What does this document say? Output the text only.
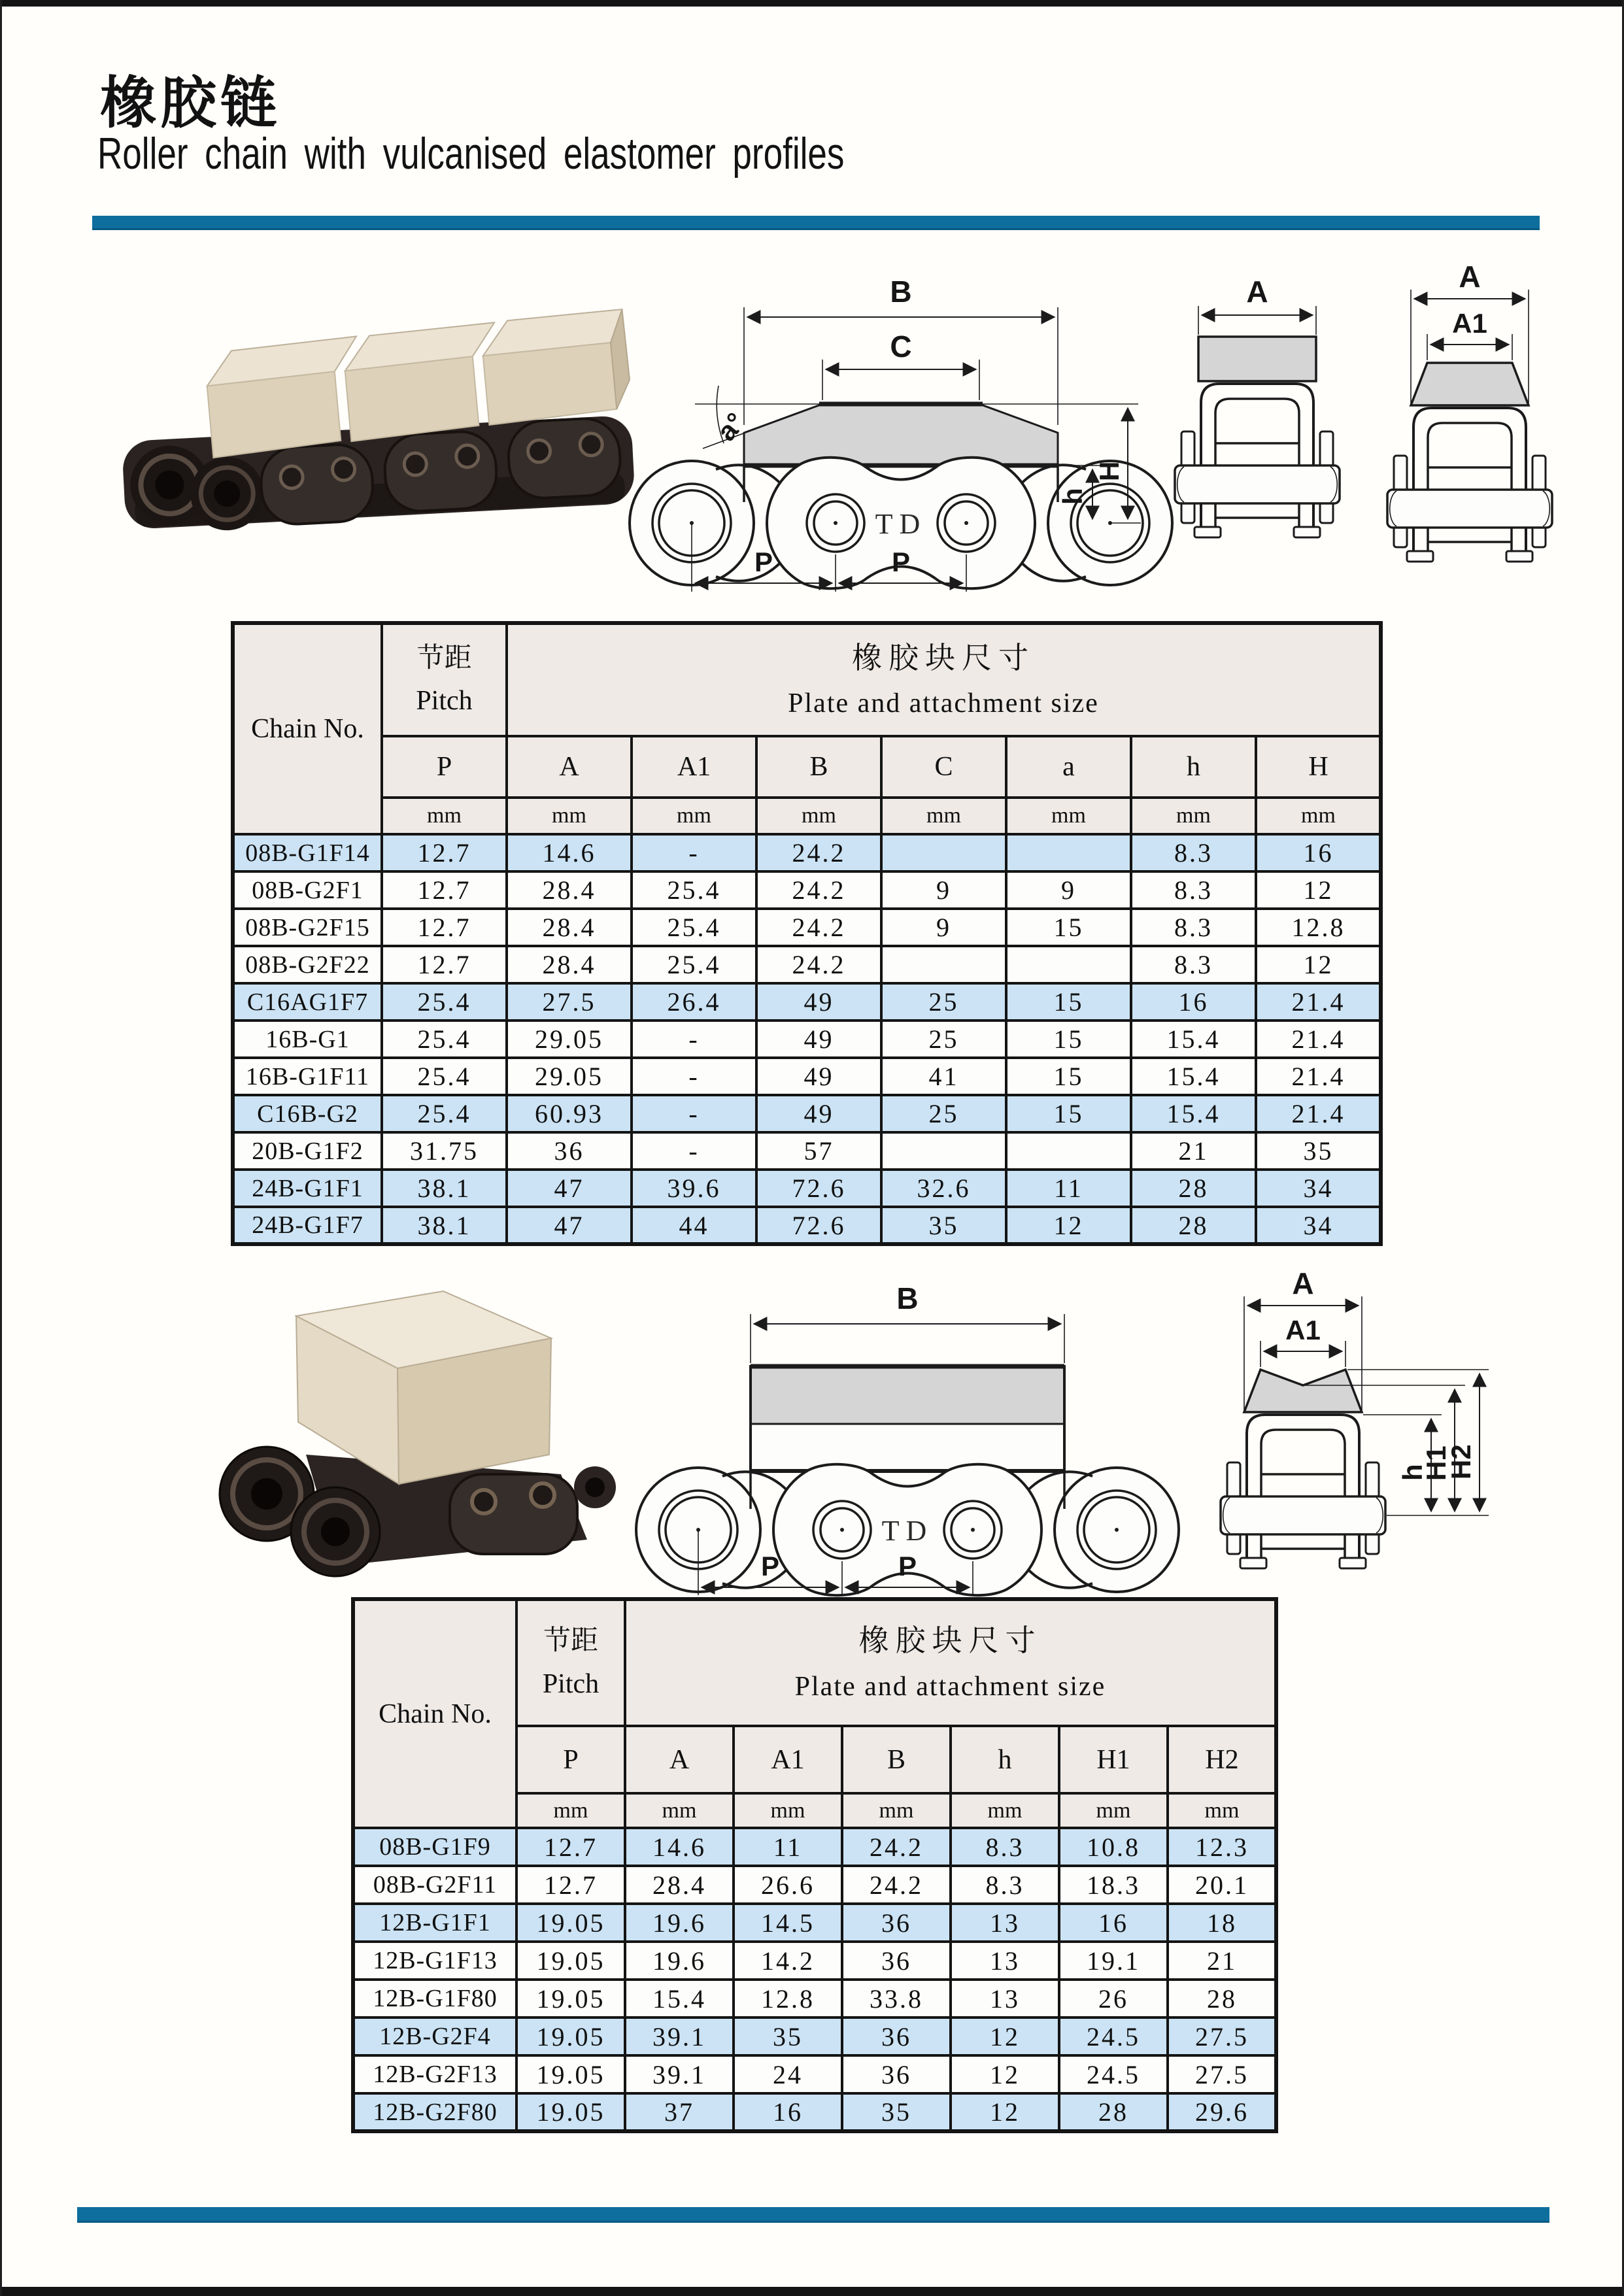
橡胶链
Roller chain with vulcanised elastomer profiles
B
C
a°
TD
P	P
h
H
A	A
A1
Chain No.	节距
Pitch	橡胶块尺寸
Plate and attachment size						
	P	A	A1	B	C	a	h	H
	mm	mm	mm	mm	mm	mm	mm	mm
08B-G1F14	12.7	14.6	-	24.2			8.3	16
08B-G2F1	12.7	28.4	25.4	24.2	9	9	8.3	12
08B-G2F15	12.7	28.4	25.4	24.2	9	15	8.3	12.8
08B-G2F22	12.7	28.4	25.4	24.2			8.3	12
C16AG1F7	25.4	27.5	26.4	49	25	15	16	21.4
16B-G1	25.4	29.05	-	49	25	15	15.4	21.4
16B-G1F11	25.4	29.05	-	49	41	15	15.4	21.4
C16B-G2	25.4	60.93	-	49	25	15	15.4	21.4
20B-G1F2	31.75	36	-	57			21	35
24B-G1F1	38.1	47	39.6	72.6	32.6	11	28	34
24B-G1F7	38.1	47	44	72.6	35	12	28	34
B
TD
P	P
A
A1
h
H1
H2
Chain No.	节距
Pitch	橡胶块尺寸
Plate and attachment size					
	P	A	A1	B	h	H1	H2
	mm	mm	mm	mm	mm	mm	mm
08B-G1F9	12.7	14.6	11	24.2	8.3	10.8	12.3
08B-G2F11	12.7	28.4	26.6	24.2	8.3	18.3	20.1
12B-G1F1	19.05	19.6	14.5	36	13	16	18
12B-G1F13	19.05	19.6	14.2	36	13	19.1	21
12B-G1F80	19.05	15.4	12.8	33.8	13	26	28
12B-G2F4	19.05	39.1	35	36	12	24.5	27.5
12B-G2F13	19.05	39.1	24	36	12	24.5	27.5
12B-G2F80	19.05	37	16	35	12	28	29.6
